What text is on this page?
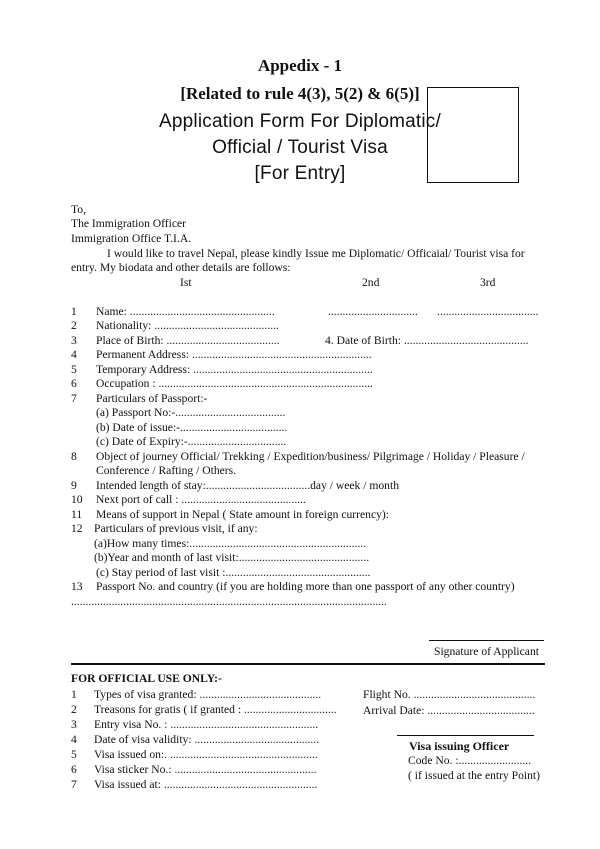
Appedix - 1
[Related to rule 4(3), 5(2) & 6(5)]
Application Form For Diplomatic/
Official / Tourist Visa
[For Entry]
To,
The Immigration Officer
Immigration Office T.I.A.
I would like to travel Nepal, please kindly Issue me Diplomatic/ Officaial/ Tourist visa for
entry. My biodata and other details are follows:
Ist	2nd	3rd
1 Name: ..................................................	............................... ...................................
2 Nationality: ...........................................
3 Place of Birth: .......................................	4. Date of Birth: ...........................................
4 Permanent Address: ..............................................................
5 Temporary Address: ..............................................................
6 Occupation : ..........................................................................
7 Particulars of Passport:-
(a) Passport No:-......................................
(b) Date of issue:-.....................................
(c) Date of Expiry:-..................................
8 Object of journey Official/ Trekking / Expedition/business/ Pilgrimage / Holiday / Pleasure /
Conference / Rafting / Others.
9 Intended length of stay:....................................day / week / month
10 Next port of call : ...........................................
11 Means of support in Nepal ( State amount in foreign currency):
12 Particulars of previous visit, if any:
(a)How many times:.............................................................
(b)Year and month of last visit:.............................................
(c) Stay period of last visit :..................................................
13 Passport No. and country (if you are holding more than one passport of any other country)
.............................................................................................................
Signature of Applicant
FOR OFFICIAL USE ONLY:-
1 Types of visa granted: ..........................................
2 Treasons for gratis ( if granted : ................................
3 Entry visa No. : ...................................................
4 Date of visa validity: ...........................................
5 Visa issued on:. ...................................................
6 Visa sticker No.: .................................................
7 Visa issued at: .....................................................
Flight No. ..........................................
Arrival Date: .....................................
Visa issuing Officer
Code No. :.........................
( if issued at the entry Point)
